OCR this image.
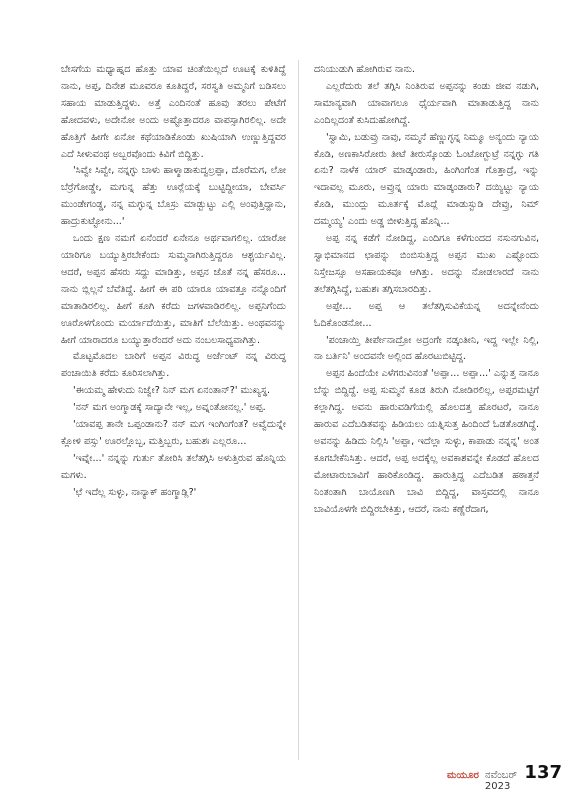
ಬೇಸಗೆಯ ಮಧ್ಯಾಹ್ನದ ಹೊತ್ತು ಯಾವ ಚಿಂತೆಯಿಲ್ಲದೆ ಊಟಕ್ಕೆ ಕುಳಿತಿದ್ದೆ ನಾನು, ಅಪ್ಪ, ದಿನೇಶ ಮೂವರೂ ಕೂತಿದ್ದರೆ, ಸರಸ್ವತಿ ಅಮ್ಮನಿಗೆ ಬಡಿಸಲು ಸಹಾಯ ಮಾಡುತ್ತಿದ್ದಳು. ಅತ್ತೆ ಎಂದಿನಂತೆ ಹೂವು ತರಲು ಪೇಟೆಗೆ ಹೋದವಳು, ಅದೇನೋ ಅಂದು ಅಷ್ಟೊತ್ತಾದರೂ ವಾಪಸ್ಸಾಗಿರಲಿಲ್ಲ. ಅದೇ ಹೊತ್ತಿಗೆ ಹೀಗೇ ಏನೋ ಕಥೆಯಾಡಿಕೊಂಡು ಖುಷಿಯಾಗಿ ಉಣ್ಣುತ್ತಿದ್ದವರ ಎದೆ ಸೀಳುವಂಥ ಅಬ್ಬರವೊಂದು ಕಿವಿಗೆ ಬಿದ್ದಿತ್ತು.

'ಸಿವ್ವೇ ಸಿವ್ವೇ, ನನ್ನಗ್ಳು ಬಾಳು ಹಾಳ್ಮಾಡಾಕುದ್ವಲ್ರಪ್ಪಾ, ದೊರೆಮಗ, ಲೋ ಬೆರ್ರೆಗೋಡ್ಡೇ, ಮಗುನ್ನ ಹೆತ್ತು ಊರ್‍ಲೆಯಕ್ಕೆ ಬುಟ್ಟಿದ್ದೀಯಾ, ಬೇವರ್ಸಿ ಮುಂಡೇಗಂಡ್ಡ, ನನ್ನ ಮಗ್ಳುನ್ನ ಬೊಸ್ರು ಮಾಡ್ಬುಟ್ಟು ಎಲ್ಲಿ ಅಂವುತ್ತಿದ್ದಾನು, ಹಾದ್ರುಕುಟ್ಟೋನು...'

ಒಂದು ಕ್ಷಣ ನಮಗೆ ಏನೆಂದರೆ ಏನೇನೂ ಅರ್ಥವಾಗಲಿಲ್ಲ. ಯಾರೋ ಯಾರಿಗೂ ಬಯ್ಯುತ್ತಿರಬೇಕೆಂದು ಸುಮ್ಮನಾಗಿರುತ್ತಿದ್ದರೂ ಆಶ್ಚರ್ಯವಿಲ್ಲ. ಆದರೆ, ಅಪ್ಪನ ಹೆಸರು ಸದ್ದು ಮಾಡಿತ್ತು, ಅಪ್ಪನ ಜೊತೆ ನನ್ನ ಹೆಸರೂ... ನಾನು ಬ್ಲಿಲ್ಲನೆ ಬೆವೆತಿದ್ದೆ. ಹೀಗೆ ಈ ಪರಿ ಯಾರೂ ಯಾವತ್ತೂ ನನ್ನೊಂದಿಗೆ ಮಾತಾಡಿರಲಿಲ್ಲ. ಹೀಗೆ ಕೂಗಿ ಕರೆದು ಜಗಳವಾಡಿರಲಿಲ್ಲ. ಅಪ್ಪನಿಗೆಂದು ಊರೊಳಗೊಂದು ಮರ್ಯಾದೆಯಿತ್ತು, ಮಾತಿಗೆ ಬೆಲೆಯಿತ್ತು. ಅಂಥವನನ್ನು ಹೀಗೆ ಯಾರಾದರೂ ಬಯ್ಯುತ್ತಾರೆಂದರೆ ಅದು ನಂಬಲಸಾಧ್ಯವಾಗಿತ್ತು.

ಮೊಟ್ಟಮೊದಲ ಬಾರಿಗೆ ಅಪ್ಪನ ವಿರುದ್ಧ ಅರ್ಜೆಂಟ್ ನನ್ನ ವಿರುದ್ಧ ಪಂಚಾಯಿತಿ ಕರೆದು ಕೂರಿಸಲಾಗಿತ್ತು.

'ಈಯಮ್ಮ ಹೇಳುದು ನಿಜ್ವೇ? ನಿನ್ ಮಗ ಏನಂತಾನ್?' ಮುಖ್ಯಸ್ಥ.

'ನನ್ ಮಗ ಅಂಗ್ಮಾಡಕ್ಕೆ ಸಾದ್ಯಾನೇ ಇಲ್ಲ, ಅವ್ನಂತೋನಲ್ಲ.' ಅಪ್ಪ.

'ಯಾವಪ್ಪ ತಾನೇ ಒಪ್ಪಂಡಾನು? ನನ್ ಮಗ ಇಂಗಿಂಗೆಂತ? ಅವ್ವೆದುನ್ನೇ ಕ್ಲೋಳಿ ಪಸ್ಸು' ಊರಲ್ಲೊಬ್ಬ, ಮತ್ತಿಬ್ಬರು, ಬಹುಶಃ ಎಲ್ಲರೂ...

'ಇವ್ನೇ...' ನನ್ನನ್ನು ಗುರ್ತು ತೋರಿಸಿ ತಲೆತಗ್ಗಿಸಿ ಅಳುತ್ತಿರುವ ಹೊನ್ನಿಯ ಮಗಳು.

'ಛೆ ಇದೆಲ್ಲ ಸುಳ್ಳು, ನಾನ್ಯಾಕ್ ಹಂಗ್ಮಾಡ್ಲಿ?'

ದನಿಯುಡುಗಿ ಹೋಗಿರುವ ನಾನು.

ಎಲ್ಲರೆದುರು ತಲೆ ತಗ್ಗಿಸಿ ನಿಂತಿರುವ ಅಪ್ಪನನ್ನು ಕಂಡು ಜೀವ ನಡುಗಿ, ಸಾಮಾನ್ಯವಾಗಿ ಯಾವಾಗಲೂ ಧೈರ್ಯವಾಗಿ ಮಾತಾಡುತ್ತಿದ್ದ ನಾನು ಎಂದಿಲ್ಲದಂತೆ ಕುಸಿದುಹೋಗಿದ್ದೆ.

'ಸ್ವಾಮಿ, ಬಡುವ್ರು ನಾವು, ನಮ್ಮನೆ ಹೆಣ್ಣುಗ್ಳನ್ನ ನಿಮ್ಮೂ ಅನ್ಯಂದು ನ್ಯಾಯ ಕೊಡಿ, ಅಣಕಾಸಿರೋರು ತೀಟೆ ತೀರುಸ್ಕೊಂಡು ಓಂಟೋಗ್ಬುಟ್ರೆ ನನ್ನಗ್ಳು ಗತಿ ಏನು? ನಾಳೆಕ ಯಾರ್ ಮಾಡ್ಕಂಡಾರು, ಹಿಂಗಿಂಗೆಂತ ಗೊತ್ತಾದ್ರೆ, ಇನ್ನು ಇದಾವಲ್ಲ ಮೂರು, ಅವ್ರುನ್ನ ಯಾರು ಮಾಡ್ಕಂಡಾರು? ದಯ್ಯಿಟ್ಟು ನ್ಯಾಯ ಕೊಡಿ, ಮುಂದ್ಲು ಮೂರ್ತಕ್ಕೆ ಮೊದ್ಲೆ ಮಾಡುಸ್ಬುಡಿ ದೇವ್ರು, ನಿಮ್ ದಮ್ಮಯ್ಯ' ಎಂದು ಅಡ್ಡ ಬೀಳುತ್ತಿದ್ದ ಹೊನ್ನಿ...

ಅಪ್ಪ ನನ್ನ ಕಡೆಗೆ ನೋಡಿದ್ದ, ಎಂದಿಗೂ ಕಳೆಗುಂದದ ನಸುನಗುವಿನ, ಸ್ವಾಭಿಮಾನದ ಛಾಪನ್ನು ಬಿಂಬಿಸುತ್ತಿದ್ದ ಅಪ್ಪನ ಮುಖ ಎಷ್ಟೊಂದು ನಿಸ್ತೇಜಸ್ಸೂ ಅಸಹಾಯಕವೂ ಆಗಿತ್ತು. ಅದನ್ನು ನೋಡಲಾರದೆ ನಾನು ತಲೆತಗ್ಗಿಸಿದ್ದೆ, ಬಹುಶಃ ತಗ್ಗಿಸಬಾರದಿತ್ತು.

ಅಪ್ಪೇ... ಅಪ್ಪ ಆ ತಲೆತಗ್ಗಿಸುವಿಕೆಯನ್ನ ಅದನ್ನೇನೆಂದು ಓದಿಕೊಂಡನೋ...

'ಪಂಚಾಯ್ತಿ ತೀರ್ಪೇನಾದ್ರೋ ಅದ್ರಂಗೇ ನಡ್ಕಂತೀನಿ, ಇದ್ದ ಇಲ್ಲೇ ನಿಲ್ಲಿ, ನಾ ಬರ್ತಿನಿ' ಅಂದವನೇ ಅಲ್ಲಿಂದ ಹೊರಟುಬಿಟ್ಟಿದ್ದ.

ಅಪ್ಪನ ಹಿಂದೆಯೇ ಎಳೆಗರುವಿನಂತೆ 'ಅಪ್ಪಾ... ಅಪ್ಪಾ...' ಎನ್ನುತ್ತ ನಾನೂ ಬೆನ್ನು ಬಿದ್ದಿದ್ದೆ. ಅಪ್ಪ ಸುಮ್ಮನೆ ಕೂಡ ತಿರುಗಿ ನೋಡಿರಲಿಲ್ಲ, ಅಪ್ಪರಮಟ್ಟಿಗೆ ಕಲ್ಲಾಗಿದ್ದ. ಅವನು ಹಾರುವಡಿಗೆಯಲ್ಲಿ ಹೊಲದತ್ತ ಹೊರಟರೆ, ನಾನೂ ಹಾರುವ ಎದೆಬಡಿತವನ್ನು ಹಿಡಿಯಲು ಯತ್ನಿಸುತ್ತ ಹಿಂದಿಂದೆ ಓಡತೊಡಗಿದ್ದೆ. ಅವನನ್ನು ಹಿಡಿದು ನಿಲ್ಲಿಸಿ 'ಅಪ್ಪಾ, ಇದೆಲ್ಲಾ ಸುಳ್ಳು, ಕಾಪಾಡು ನನ್ನನ್ನ' ಅಂತ ಕೂಗಬೇಕೆನಿಸಿತ್ತು. ಆದರೆ, ಅಪ್ಪ ಅದಕ್ಕೆಲ್ಲ ಅವಕಾಶವನ್ನೇ ಕೊಡದೆ ಹೊಲದ ಮೋಟಾರುಬಾವಿಗೆ ಹಾರಿಕೊಂಡಿದ್ದ. ಹಾರುತ್ತಿದ್ದ ಎದೆಬಡಿತ ಹಠಾತ್ತನೆ ನಿಂತಂತಾಗಿ ಬಾಯೊಣಗಿ ಬಾವಿ ಬಿದ್ದಿದ್ದ, ವಾಸ್ತವದಲ್ಲಿ ನಾನೂ ಬಾವಿಯೊಳಗೇ ಬಿದ್ದಿರಬೇಕಿತ್ತು, ಆದರೆ, ನಾನು ಕಣ್ಣೆರೆದಾಗ,

ಮಯೂರ ನವೆಂಬರ್ 2023
137
